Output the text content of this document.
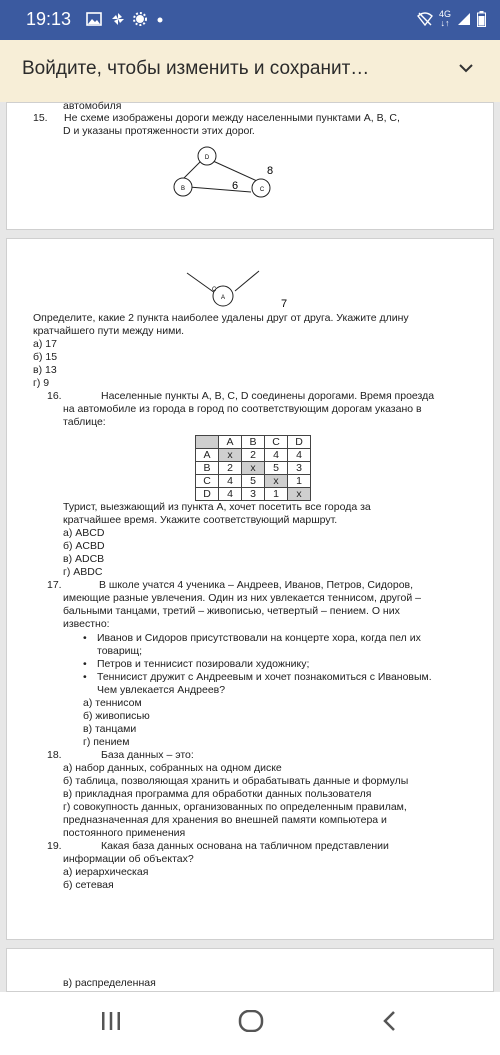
19:13	4G
↓↑
Войдите, чтобы изменить и сохранит…

автомобиля

15. Не схеме изображены дороги между населенными пунктами А, В, С,

D и указаны протяженности этих дорог.

D
B	C
8
6
C
A	7

Определите, какие 2 пункта наиболее удалены друг от друга. Укажите длину

кратчайшего пути между ними.

а) 17

б) 15

в) 13

г) 9

16.	Населенные пункты А, В, С, D соединены дорогами. Время проезда

на автомобиле из города в город по соответствующим дорогам указано в

таблице:

	A	B	C	D
A	x	2	4	4
B	2	x	5	3
C	4	5	x	1
D	4	3	1	x

Турист, выезжающий из пункта А, хочет посетить все города за

кратчайшее время. Укажите соответствующий маршрут.

а) ABCD

б) ACBD

в) ADCB

г) ABDC

17.	В школе учатся 4 ученика – Андреев, Иванов, Петров, Сидоров,

имеющие разные увлечения. Один из них увлекается теннисом, другой –

бальными танцами, третий – живописью, четвертый – пением. О них

известно:

• Иванов и Сидоров присутствовали на концерте хора, когда пел их
товарищ;
• Петров и теннисист позировали художнику;
• Теннисист дружит с Андреевым и хочет познакомиться с Ивановым.

Чем увлекается Андреев?

а) теннисом

б) живописью

в) танцами

г) пением

18.	База данных – это:

а) набор данных, собранных на одном диске

б) таблица, позволяющая хранить и обрабатывать данные и формулы

в) прикладная программа для обработки данных пользователя

г) совокупность данных, организованных по определенным правилам,

предназначенная для хранения во внешней памяти компьютера и

постоянного применения

19.	Какая база данных основана на табличном представлении

информации об объектах?

а) иерархическая

б) сетевая

в) распределенная
